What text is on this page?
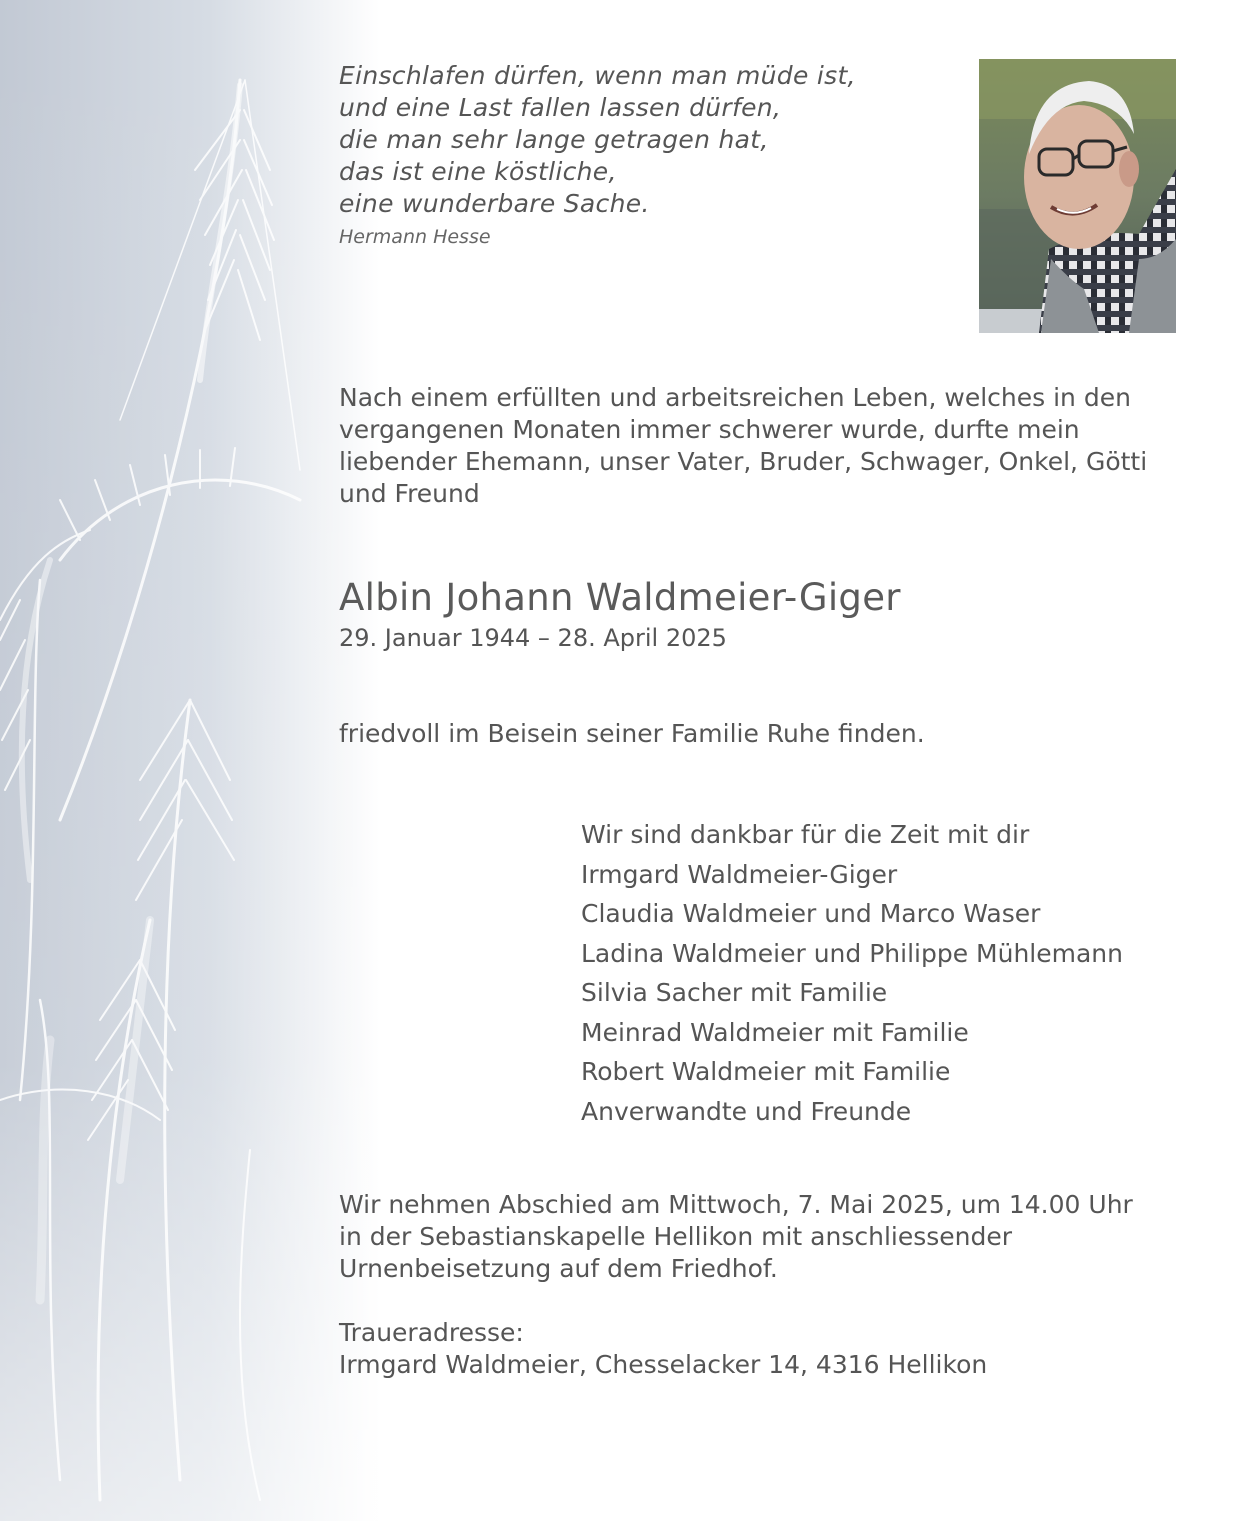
Einschlafen dürfen, wenn man müde ist,
und eine Last fallen lassen dürfen,
die man sehr lange getragen hat,
das ist eine köstliche,
eine wunderbare Sache.
Hermann Hesse
Nach einem erfüllten und arbeitsreichen Leben, welches in den vergangenen Monaten immer schwerer wurde, durfte mein liebender Ehemann, unser Vater, Bruder, Schwager, Onkel, Götti und Freund
Albin Johann Waldmeier-Giger
29. Januar 1944 – 28. April 2025
friedvoll im Beisein seiner Familie Ruhe finden.
Wir sind dankbar für die Zeit mit dir
Irmgard Waldmeier-Giger
Claudia Waldmeier und Marco Waser
Ladina Waldmeier und Philippe Mühlemann
Silvia Sacher mit Familie
Meinrad Waldmeier mit Familie
Robert Waldmeier mit Familie
Anverwandte und Freunde
Wir nehmen Abschied am Mittwoch, 7. Mai 2025, um 14.00 Uhr
in der Sebastianskapelle Hellikon mit anschliessender
Urnenbeisetzung auf dem Friedhof.
Traueradresse:
Irmgard Waldmeier, Chesselacker 14, 4316 Hellikon
